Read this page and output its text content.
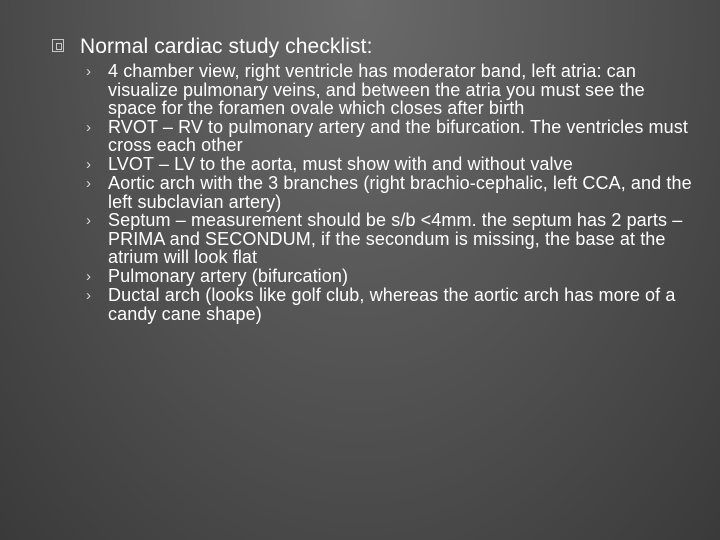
Normal cardiac study checklist:
› 4 chamber view, right ventricle has moderator band, left atria: can visualize pulmonary veins, and between the atria you must see the space for the foramen ovale which closes after birth
› RVOT – RV to pulmonary artery and the bifurcation. The ventricles must cross each other
› LVOT – LV to the aorta, must show with and without valve
› Aortic arch with the 3 branches (right brachio-cephalic, left CCA, and the left subclavian artery)
› Septum – measurement should be s/b <4mm. the septum has 2 parts – PRIMA and SECONDUM, if the secondum is missing, the base at the atrium will look flat
› Pulmonary artery (bifurcation)
› Ductal arch (looks like golf club, whereas the aortic arch has more of a candy cane shape)
